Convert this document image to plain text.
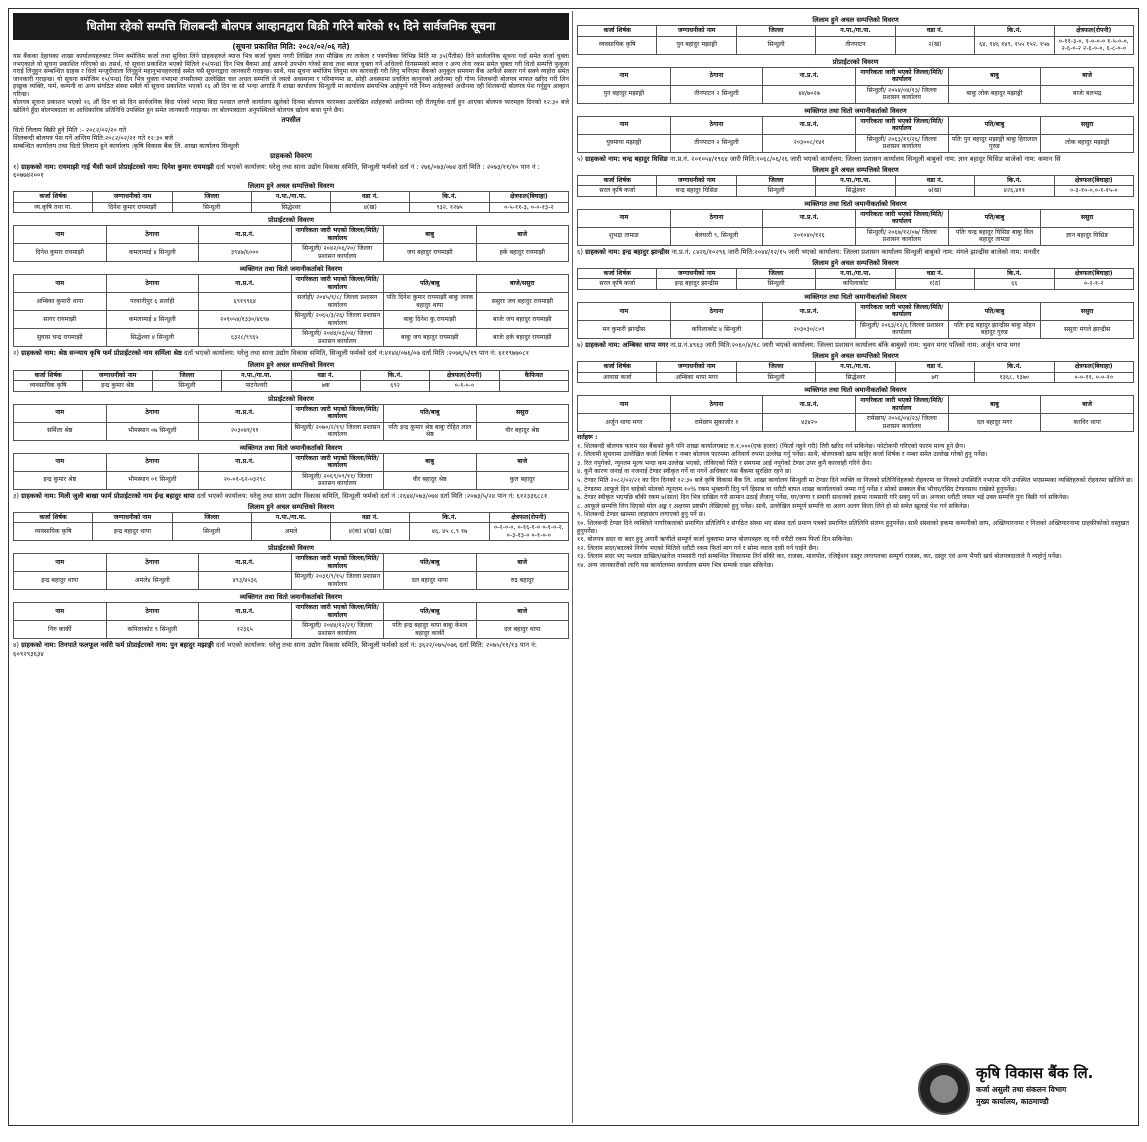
धितोमा रहेको सम्पत्ति शिलबन्दी बोलपत्र आव्हानद्वारा बिक्री गरिने बारेको १५ दिने सार्वजनिक सूचना
(सूचना प्रकाशित मिति: २०८२/०२/०६ गते)

यस बैंकका देहायका शाखा कार्यालयहरुबाट निम्न बमोजिम कर्जा तथा सुविधा लिने ग्राहकहरुले ब्याज भित्र कर्जा चुक्ता नगरी लिखित तथा मौखिक तर ताकेता र पत्रपत्रिका विभिन्न मिति मा ३५(पैंतीस) दिने सार्वजनिक सूचना गर्दा समेत कर्जा चुक्ता नभएकाले यो सूचना प्रकाशित गरिएको छ। तसर्थ, यो सूचना प्रकाशित भएको मितिले १५(पन्ध्र) दिन भित्र बैंकमा आई आफ्नो उपभोग गरेको सावा तथा ब्याज चुक्ता गर्ने अधिल्लो दिनसम्मको ब्याज र अन्य लेना रकम समेत चुक्ता गरी धितो सम्पत्ति फुकुवा गराई लिनुहुन सम्बन्धित ग्राहक र धितो मन्जुरीवाला लिनुहुने महानुभावहरुलाई समेत यसै सूचनाद्वारा जानकारी गराइन्छ। साथै, यस सूचना बमोजिम लिनुमा थप कारवाही गरी लिनु भनिएमा बैंकको अनुकूल समयमा बैंक आफैंले सकार गर्न सक्ने व्यहोरा समेत जानकारी गराइन्छ। यो सूचना बमोजिम १५(पन्ध्र) दिन भित्र चुक्ता नभएमा तपसीलमा उल्लेखित चल अचल सम्पत्ति जे जस्तो अवस्थामा र परिमाणमा छ, सोही अवस्थामा प्रचलित कानुनको अधीनमा रही गोप्य शिलबन्दी बोलपत्र माफत खरिद गरी लिन इच्छुक व्यक्ति, फर्म, कम्पनी वा अन्य संगठित संस्था सबैले यो सूचना प्रकाशित भएको १६ औं दिन वा सो भन्दा अगाडि नै शाखा कार्यालय सिन्धुली मा कार्यालय समयभित्र आईपुग्ने गरी निम्न शर्तहरुको अधीनमा रही शिलबन्दी बोलपत्र पेश गर्नुहुन आव्हान गरिन्छ।

बोलपत्र सूचना प्रकाशन भएको १६ औं दिन वा सो दिन सार्वजनिक बिदा परेको भएमा बिदा पश्चात लगत्तै कार्यालय खुलेको दिनमा बोलपत्र फारमका उल्लेखित शर्तहरुको अधीनमा रही रीतपूर्वक दर्ता हुन आएका बोलपत्र फारमहरु दिनको १२:३० बजे खोलिने हुँदा बोलपत्रदाता वा आधिकारिक प्रतिनिधि उपस्थित हुन समेत जानकारी गराइन्छ। तर बोलपत्रदाता अनुपस्थितले बोलपत्र खोल्न बाधा पुग्ने छैन।

तपसील

धितो लिलाम बिक्री हुने मिति :- २०८२/०२/२० गते

शिलबन्दी बोलपत्र पेश गर्ने अन्तिम मिति:२०८२/०२/२१ गते १२:३० बजे

सम्बन्धित कार्यालय तथा धितो लिलाम हुने कार्यालय :कृषि विकास बैंक लि. शाखा कार्यालय सिन्धुली

ग्राहकको विवरण
१) ग्राहकको नाम: रायमाझी गाई भैसी फार्म प्रोप्राईटरको नाम: दिनेश कुमार रायमाझी दर्ता भएको कार्यालय: घरेलु तथा साना उद्योग विकास समिति, सिन्धुली फर्मको दर्ता नं : २७६/०७३/०७४ दर्ता मिति : २०७३/११/१० पान नं : ६०७७४२००१
लिलाम हुने अचल सम्पत्तिको विवरण
कर्जा शिर्षक	जग्गाधनीको नाम	जिल्ला	न.पा./गा.पा.	वडा नं.	कि.नं.	क्षेत्रफल(बिघाहा)
व्य.कृषि तथा पा.	दिनेश कुमार रायमाझी	सिन्धुली	सिद्धेश्वर	४(ख)	९३२, १२७५	०-५-११-३, ०-०-१३-२
प्रोप्राईटरको विवरण
नाम	ठेगाना	ना.प्र.नं.	नागरिकता जारी भएको जिल्ला/मिति/कार्यालय	बाबु	बाजे
दिनेश कुमार रायमाझी	कमलामाई ४ सिन्धुली	३९४७/६०००	सिन्धुली/ २०४२/०६/२०/ जिल्ला प्रशासन कार्यालय	जय बहादुर रायमाझी	हर्क बहादुर रायमाझी
व्यक्तिगत तथा धितो जमानीकर्ताको विवरण
नाम	ठेगाना	ना.प्र.नं.	नागरिकता जारी भएको जिल्ला/मिति/कार्यालय	पति/बाबु	बाजे/ससुरा
अम्बिका कुमारी थापा	परवानीपुर ६ सर्लाही	६९१९९६४	सर्लाही/ २०४५/१/८/ जिल्ला प्रशासन कार्यालय	पतिः दिनेश कुमार रायमाझी बाबुः जनक बहादुर थापा	ससुराः जय बहादुर रायमाझी
सागर रायमाझी	कमलामाई ४ सिन्धुली	२०१०५४/१३३०/४६९७	सिन्धुली/ २०६५/३/२६/ जिल्ला प्रशासन कार्यालय	बाबुः दिनेश कु.रायमाझी	बाजेः जय बहादुर रायमाझी
सुवास चन्द्र रायमाझी	सिद्धेश्वर ४ सिन्धुली	६३२८/९९६५	सिन्धुली/ २०४४/०३/०४/ जिल्ला प्रशासन कार्यालय	बाबुः जय बहादुर रायमाझी	बाजेः हर्क बहादुर रायमाझी
२) ग्राहकको नाम: श्रेष्ठ सन्न्याय कृषि फर्म प्रोप्राईटरको नाम सर्मिला श्रेष्ठ दर्ता भएको कार्यालय: घरेलु तथा साना उद्योग विकास समिति, सिन्धुली फर्मको दर्ता नं:४१४४/०७६/०७ दर्ता मिति :२०७६/५/१९ पान नं: ६११९७७०८१
लिलाम हुने अचल सम्पत्तिको विवरण
कर्जा शिर्षक	जग्गाधनीको नाम	जिल्ला	न.पा./गा.पा.	वडा नं.	कि.नं.	क्षेत्रफल(रोपनी)	कैफियत
व्यवसायिक कृषि	इन्द्र कुमार श्रेष्ठ	सिन्धुली	पाटनेश्वरी	७क	६९२	०-१-०-०	
प्रोप्राईटरको विवरण
नाम	ठेगाना	ना.प्र.नं.	नागरिकता जारी भएको जिल्ला/मिति/कार्यालय	पति/बाबु	ससुरा
सर्मिला श्रेष्ठ	भीमस्थान ०७ सिन्धुली	२०३०४१/११	सिन्धुली/ २०७०/२/१९/ जिल्ला प्रशासन कार्यालय	पतिः इन्द्र कुमार श्रेष्ठ बाबुः रोहित लाल श्रेष्ठ	वीर बहादुर श्रेष्ठ
व्यक्तिगत तथा धितो जमानीकर्ताको विवरण
नाम	ठेगाना	ना.प्र.नं.	नागरिकता जारी भएको जिल्ला/मिति/कार्यालय	बाबु	बाजे
इन्द्र कुमार श्रेष्ठ	भीमस्थान ०१ सिन्धुली	२०-०१-६२-०३२९८	सिन्धुली/ २०६९/०९/११/ जिल्ला प्रशासन कार्यालय	वीर बहादुर श्रेष्ठ	कुल बहादुर
३) ग्राहकको नाम: मिली जुली बाखा फार्म प्रोप्राईटरको नाम ईन्द्र बहादुर थापा दर्ता भएको कार्यालय: घरेलु तथा साना उद्योग विकास समिति, सिन्धुली फर्मको दर्ता नं :२६४४/०७३/०७४ दर्ता मिति :२०७३/५/२४ पान नं: ६१२३३६८८१
लिलाम हुने अचल सम्पत्तिको विवरण
कर्जा शिर्षक	जग्गाधनीको नाम	जिल्ला	न.पा./गा.पा.	वडा नं.	कि.नं.	क्षेत्रफल(रोपनी)
व्यवसायिक कृषि	इन्द्र बहादुर थापा	सिन्धुली	अमले	४(क) ४(ख) ६(ख)	४६, ४५ ८,९ १७	०-२-०-०, ०-१६-१-० ०-१-०-२, ०-३-१३-० ०-१-०-०
प्रोप्राईटरको विवरण
नाम	ठेगाना	ना.प्र.नं.	नागरिकता जारी भएको जिल्ला/मिति/कार्यालय	पति/बाबु	बाजे
इन्द्र बहादुर थापा	अमले४ सिन्धुली	४९३/४५३६	सिन्धुली/ २०३१/९/१५/ जिल्ला प्रशासन कार्यालय	दल बहादुर थापा	रुद्र बहादुर
व्यक्तिगत तथा धितो जमानीकर्ताको विवरण
नाम	ठेगाना	ना.प्र.नं.	नागरिकता जारी भएको जिल्ला/मिति/कार्यालय	पति/बाबु	बाजे
निरु कार्की	कपिलाकोट ९ सिन्धुली	१२३६५	सिन्धुली/ २०४४/१२/२१/ जिल्ला प्रशासन कार्यालय	पतिः इन्द्र बहादुर थापा बाबुः केशव बहादुर कार्की	दल बहादुर थापा
४) ग्राहकको नाम: तिनपाते फलफूल नर्सरी फर्म प्रोप्राईटरको नाम: पुन बहादुर मझाङ्गी दर्ता भएको कार्यालय: घरेलु तथा साना उद्योग विकास समिति, सिन्धुली फर्मको दर्ता नं: ३६२२/०७५/०७६ दर्ता मिति: २०७५/११/१३ पान नं: ६०९२९३६३४
लिलाम हुने अचल सम्पत्तिको विवरण
कर्जा शिर्षक	जग्गाधनीको नाम	जिल्ला	न.पा./गा.पा.	वडा नं.	कि.नं.	क्षेत्रफल(रोपनी)
व्यवसायिक कृषि	पुन बहादुर मझाङ्गी	सिन्धुली	तीनपाटन	२(ख)	६४, १४६ १४९, १५५ १५२, १५७	०-११-३-०, १-०-०-० १-५-०-०, २-६-०-२ २-६-०-०, ६-८-०-०
प्रोप्राईटरको विवरण
नाम	ठेगाना	ना.प्र.नं.	नागरिकता जारी भएको जिल्ला/मिति/कार्यालय	बाबु	बाजे
पुन बहादुर मझाङ्गी	तीनपाटन २ सिन्धुली	४४/७०२७	सिन्धुली/ २०५४/०४/१३/ जिल्ला प्रशासन कार्यालय	बाबुः लोक बहादुर मझाङ्गी	बाजेः बलभद्र
व्यक्तिगत तथा धितो जमानीकर्ताको विवरण
नाम	ठेगाना	ना.प्र.नं.	नागरिकता जारी भएको जिल्ला/मिति/कार्यालय	पति/बाबु	ससुरा
युवमाया मझाङ्गी	तीनपाटन २ सिन्धुली	२०३००८/१४१	सिन्धुली/ २०६३/११/२६/ जिल्ला प्रशासन कार्यालय	पतिः पुन बहादुर मझाङ्गी बाबुः हिरालाल गुरुङ	लोक बहादुर मझाङ्गी
५) ग्राहकको नाम: चन्द्र बहादुर घिसिङ ना.प्र.नं. २०१०५४/१९६४ जारी मिति:२०६८/०६/२६ जारी भएको कार्यालय: जिल्ला प्रशासन कार्यालय सिन्धुली बाबुको नाम: ज्ञान बहादुर घिसिङ बाजेको नाम: कमान सिं
लिलाम हुने अचल सम्पत्तिको विवरण
कर्जा शिर्षक	जग्गाधनीको नाम	जिल्ला	न.पा./गा.पा.	वडा नं.	कि.नं.	क्षेत्रफल(बिघाहा)
सरल कृषि कर्जा	चन्द्र बहादुर घिसिङ	सिन्धुली	सिद्धेश्वर	७(ख)	४२६,४११	०-३-१०-०,०-१-१५-०
व्यक्तिगत तथा धितो जमानीकर्ताको विवरण
नाम	ठेगाना	ना.प्र.नं.	नागरिकता जारी भएको जिल्ला/मिति/कार्यालय	पति/बाबु	ससुरा
शुभद्रा तामाङ	बेलघारी ९, सिन्धुली	२०१०४०/१२६	सिन्धुली/ २०६७/१२/०७/ जिल्ला प्रशासन कार्यालय	पतिः चन्द्र बहादुर घिसिङ बाबुः विल बहादुर तामाङ	ज्ञान बहादुर घिसिङ
६) ग्राहकको नाम: इन्द्र बहादुर झान्द्रीस ना.प्र.नं. ८४२६/१०२९६ जारी मिति:२०४४/१२/१५ जारी भएको कार्यालय: जिल्ला प्रशासन कार्यालय सिन्धुली बाबुको नाम: मंगले झान्द्रीस बाजेको नाम: मनवीर
लिलाम हुने अचल सम्पत्तिको विवरण
कर्जा शिर्षक	जग्गाधनीको नाम	जिल्ला	न.पा./गा.पा.	वडा नं.	कि.नं.	क्षेत्रफल(बिघाहा)
सरल कृषि कर्जा	इन्द्र बहादुर झान्द्रीस	सिन्धुली	कपिलाकोट	१(ठ)	६६	०-२-१-२
व्यक्तिगत तथा धितो जमानीकर्ताको विवरण
नाम	ठेगाना	ना.प्र.नं.	नागरिकता जारी भएको जिल्ला/मिति/कार्यालय	पति/बाबु	ससुरा
मन कुमारी झान्द्रीस	कपिलाकोट ४ सिन्धुली	२०३०३०/८०९	सिन्धुली/ २०६३/१२/६ जिल्ला प्रशासन कार्यालय	पतिः इन्द्र बहादुर झान्द्रीस बाबुः मोहन बहादुर गुरुङ	ससुराः मंगले झान्द्रीस
७) ग्राहकको नाम: अम्बिका थापा मगर ना.प्र.नं.४९६३ जारी मिति:२०६०/४/१८ जारी भएको कार्यालय: जिल्ला प्रशासन कार्यालय बाँके बाबुको नाम: भुवन मगर पतिको नाम: अर्जुन थापा मगर
लिलाम हुने अचल सम्पत्तिको विवरण
कर्जा शिर्षक	जग्गाधनीको नाम	जिल्ला	न.पा./गा.पा.	वडा नं.	कि.नं.	क्षेत्रफल(बिघाहा)
आवास कर्जा	अम्बिका थापा मगर	सिन्धुली	सिद्धेश्वर	७ग	१३६८, १३७०	०-०-११, ०-०-१०
व्यक्तिगत तथा धितो जमानीकर्ताको विवरण
नाम	ठेगाना	ना.प्र.नं.	नागरिकता जारी भएको जिल्ला/मिति/कार्यालय	बाबु	बाजे
अर्जुन थापा मगर	रामेछाप सुकाजोर १	४३४२०	रामेछाप/ २०५६/०४/२३/ जिल्ला प्रशासन कार्यालय	दल बहादुर मगर	करविर थापा
शर्तहरू :
१. शिलबन्दी बोलपत्र फारम यस बैंकको कुनै पनि शाखा कार्यालयबाट रु.१,०००(एक हजार) (फिर्ता नहुने गरी) तिरी खरिद गर्न सकिनेछ। फोटोकपी गरिएको फारम मान्य हुने छैन।
२. लिलामी सूचनामा उल्लेखित कर्जा शिर्षक र नम्बर बोलपत्र फारममा अनिवार्य रुपमा उल्लेख गर्नु पर्नेछ। साथै, बोलपत्रको खाम बाहिर कर्जा शिर्षक र नम्बर समेत उल्लेख गरेको हुनु पर्नेछ।
३. रित नपुगेको, न्यूनतम मूल्य भन्दा कम उल्लेख भएको, तोकिएको मिति र समयमा आई नपुगेको टेण्डर उपर कुनै कारवाही गरिने छैन।
४. कुनै कारण जनाई वा नजनाई टेण्डर स्वीकृत गर्ने वा नगर्ने अधिकार यस बैंकमा सुरक्षित रहने छ।
५. टेण्डर मिति २०८२/०२/२१ का दिन दिनको १२:३० बजे कृषि विकास बैंक लि. शाखा कार्यालय सिन्धुली मा टेण्डर दिने व्यक्ति वा निजको प्रतिनिधिहरुको रोहवरमा वा निजको उपस्थिति नभएमा पनि उपस्थित भएसम्मका व्यक्तिहरुको रोहवरमा खोलिने छ।
६. टेण्डरमा आफूले दिन चाहेको मोलको न्यूनतम १०% रकम भुक्तानी दिनु पर्ने हिसाब वा धरौटी बापत शाखा कार्यालयको जम्मा गर्नु पर्नेछ र सोको सक्कल बैंक भौचर/रसिद टेण्डरसाथ राखेको हुनुपर्नेछ।
७. टेण्डर स्वीकृत भएपछि बाँकी रकम ७(सात) दिन भित्र दाखिल गरी सामान उठाई लैजानु पर्नेछ, घर/जग्गा र सवारी साधनको हकमा नामसारी गरि सक्नु पर्ने छ। अन्यथा धरौटी जफत भई उक्त सम्पत्ति पुनः बिक्री गर्न सकिनेछ।
८. आफूले सम्पत्ति लिन दिएको मोल अङ्क र अक्षरमा प्रष्टसँग लेखिएको हुनु पर्नेछ। साथै, उल्लेखित सम्पूर्ण सम्पत्ति वा अलग अलग किता लिने हो सो समेत खुलाई पेश गर्न सकिनेछ।
९. शिलबन्दी टेण्डर खाममा लाहाछाप लगाएको हुनु पर्ने छ।
१०. शिलबन्दी टेण्डर दिने व्यक्तिले नागरिकताको प्रमाणित प्रतिलिपि र संगठित संस्था भए संस्था दर्ता प्रमाण पत्रको प्रमाणित प्रतिलिपि संलग्न हुनुपर्नेछ। साथै संस्थाको हकमा कम्पनीको छाप, अख्तियारनामा र निजको अख्तियारनामा ग्राहकीकोको वस्तुखत हुनुपर्नेछ।
११. बोलपत्र सदर वा बदर हुनु अगावै ऋणीले सम्पूर्ण कर्जा चुक्तामा प्राप्त बोलपत्रहरु रद्द गरी धरौटी रकम फिर्ता दिन सकिनेछ।
१२. लिलाम सदर/बदरको निर्णय भएको मितिले धरौटी रकम फिर्ता माग गर्न र सोमा व्याज दावी गर्न पाईने छैन।
१३. लिलाम सदर भए पश्चात दाखिल/खारेज नामसारी गर्दा सम्बन्धित निकायमा तिर्न बाँकी कर, राजस्व, मालपोत, रजिष्ट्रेशन दस्तुर लगायतका सम्पूर्ण राजस्व, कर, दस्तुर एवं अन्य भैपरी खर्च बोलपत्रदाताले नै व्यहोर्नु पर्नेछ।
१४. अन्य जानकारीको लागि यस कार्यालयमा कार्यालय समय भित्र सम्पर्क राख्न सकिनेछ।
कृषि विकास बैंक लि.
कर्जा असुली तथा संकलन विभाग
मुख्य कार्यालय, काठमाण्डौ
